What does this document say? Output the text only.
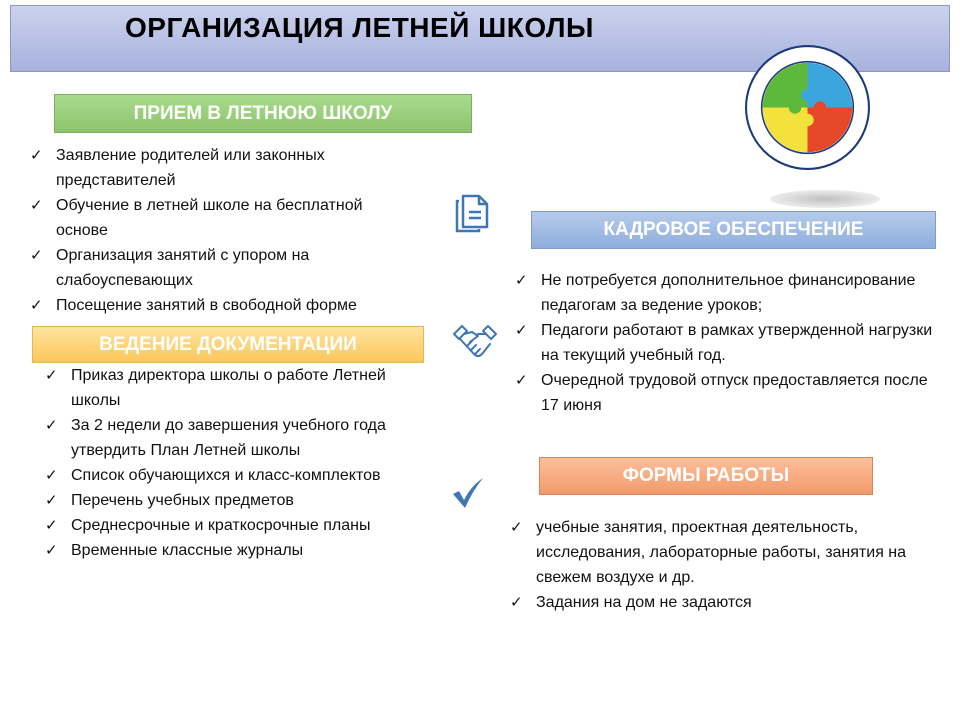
ОРГАНИЗАЦИЯ ЛЕТНЕЙ ШКОЛЫ
ПРИЕМ В ЛЕТНЮЮ ШКОЛУ
✓ Заявление родителей или законных представителей
✓ Обучение в летней школе на бесплатной основе
✓ Организация занятий с упором на слабоуспевающих
✓ Посещение занятий в свободной форме
ВЕДЕНИЕ ДОКУМЕНТАЦИИ
✓ Приказ директора школы о работе Летней школы
✓ За 2 недели до завершения учебного года утвердить План Летней школы
✓ Список обучающихся и класс-комплектов
✓ Перечень учебных предметов
✓ Среднесрочные и краткосрочные планы
✓ Временные классные журналы
КАДРОВОЕ ОБЕСПЕЧЕНИЕ
✓ Не потребуется дополнительное финансирование педагогам за ведение уроков;
✓ Педагоги работают в рамках утвержденной нагрузки на текущий учебный год.
✓ Очередной трудовой отпуск предоставляется после 17 июня
ФОРМЫ РАБОТЫ
✓ учебные занятия, проектная деятельность, исследования, лабораторные работы, занятия на свежем воздухе и др.
✓ Задания на дом не задаются
